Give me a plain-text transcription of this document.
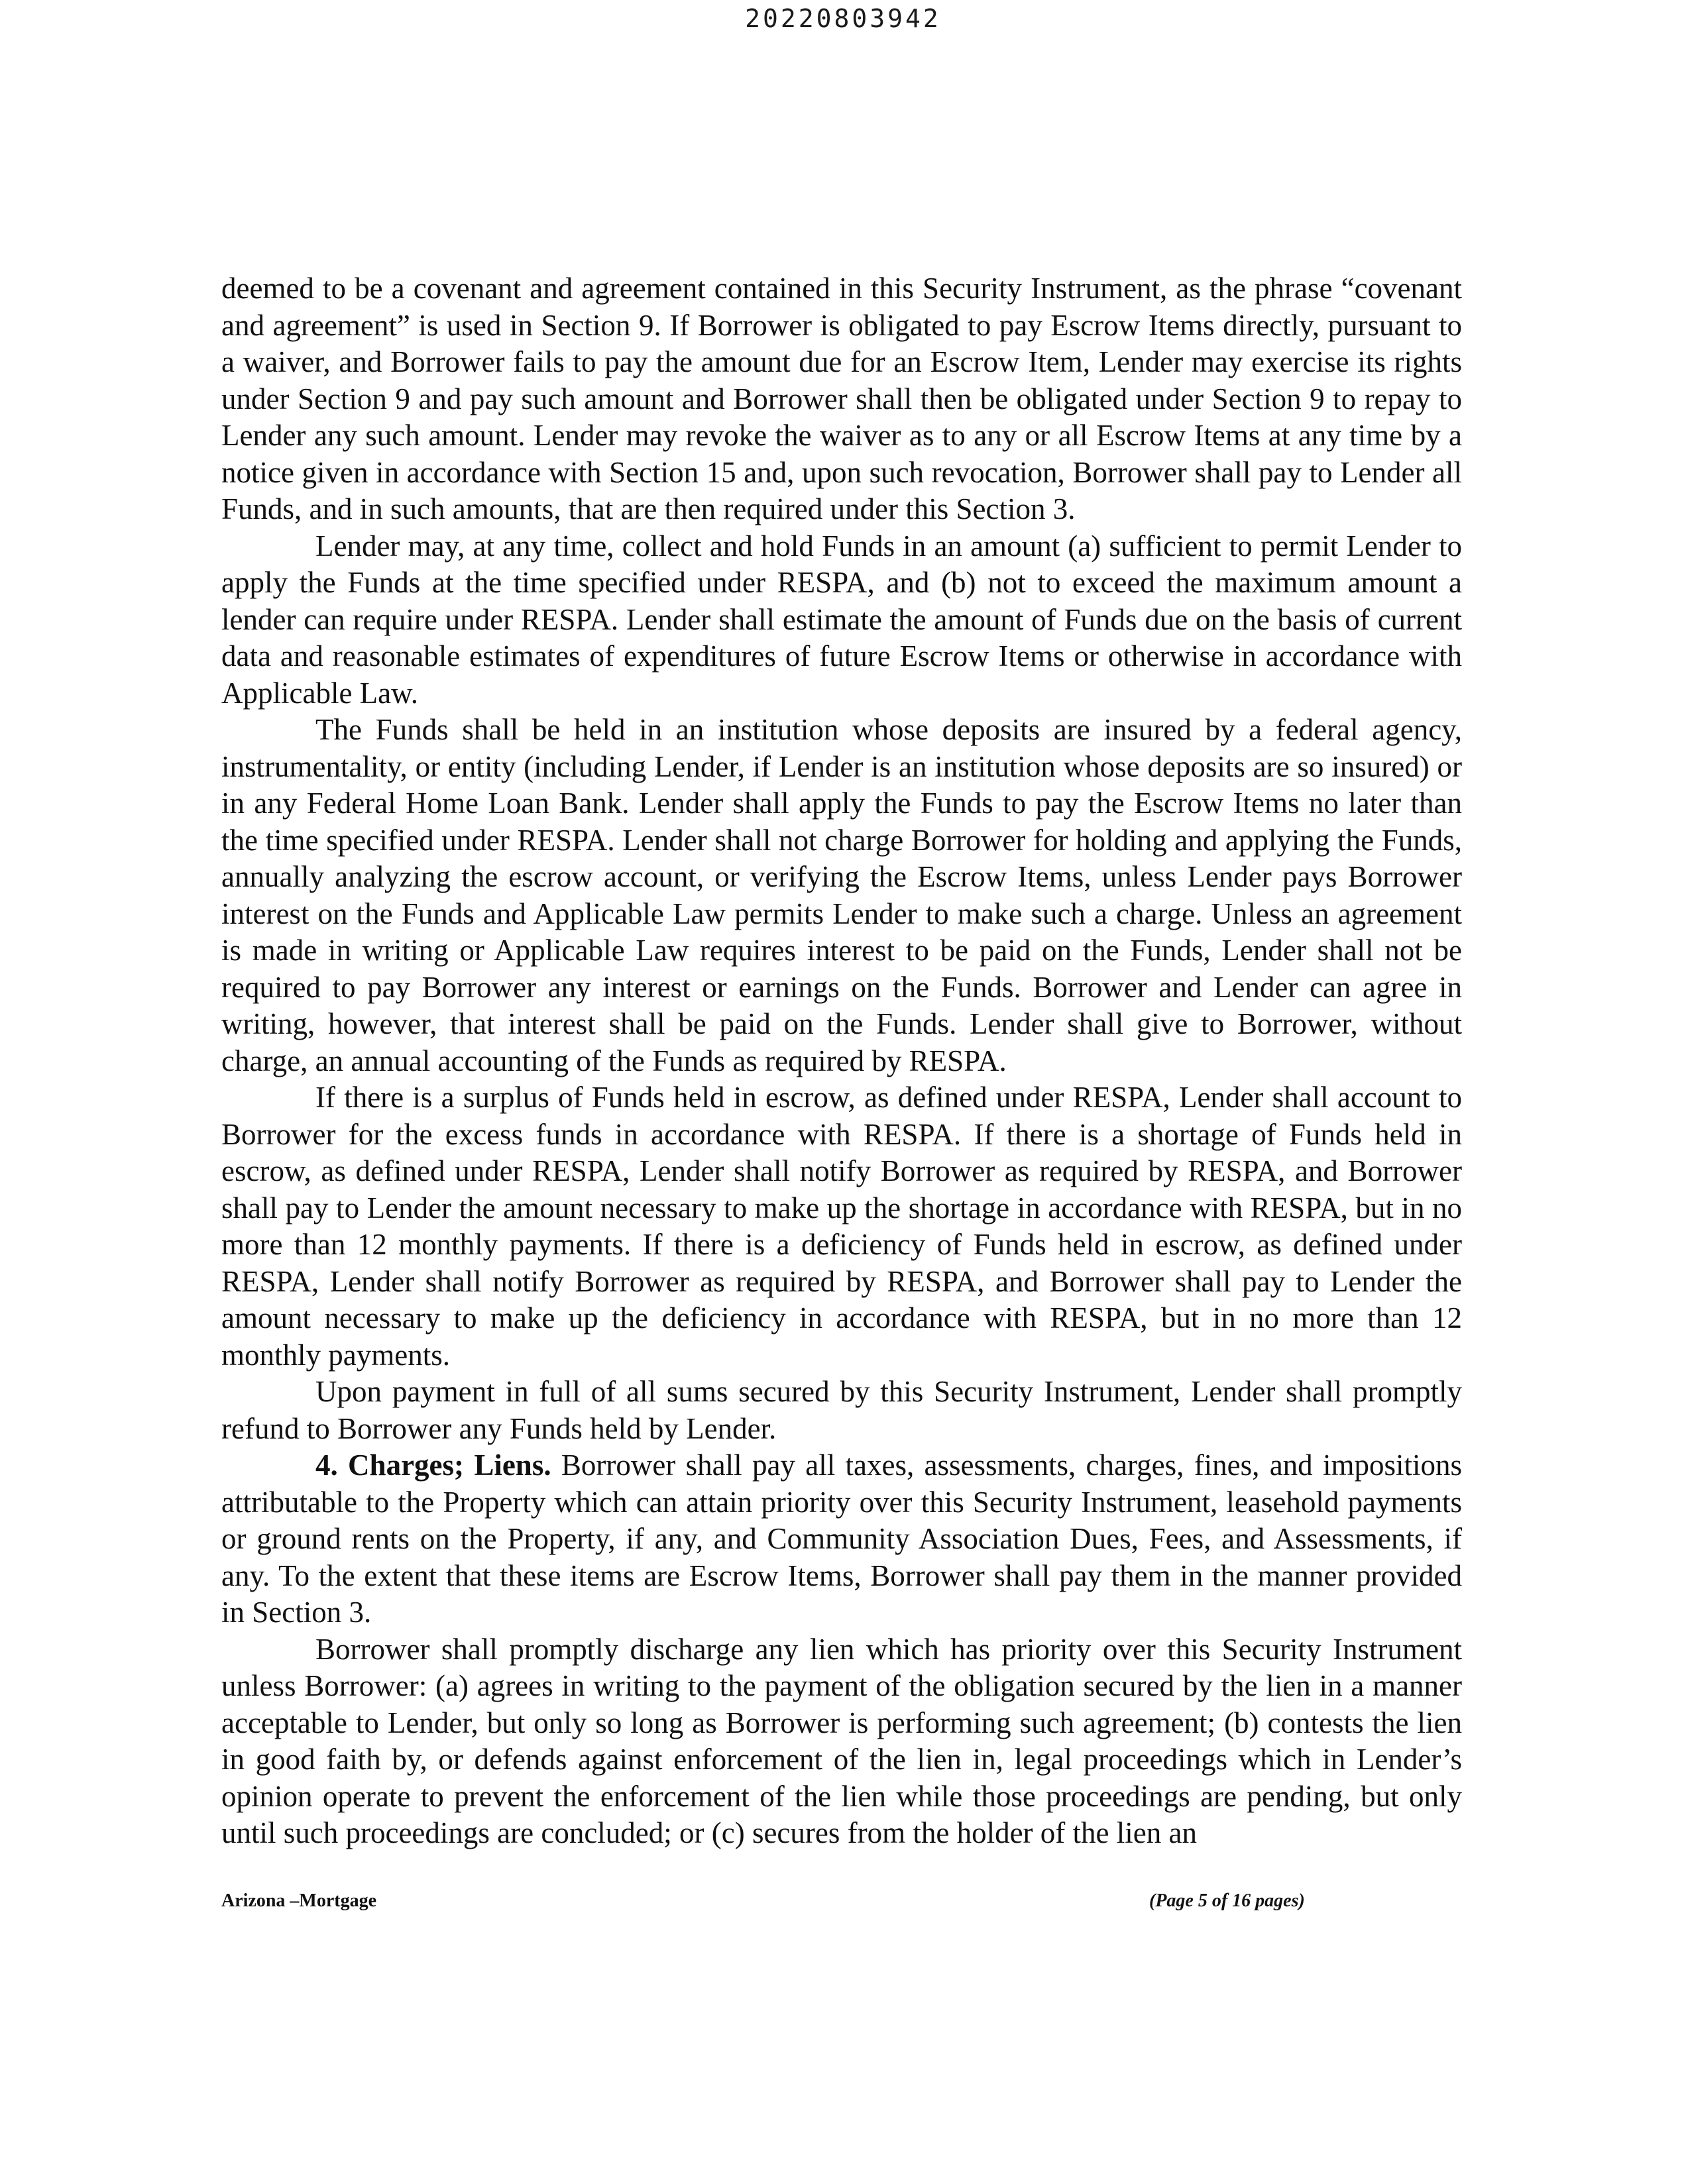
20220803942

deemed to be a covenant and agreement contained in this Security Instrument, as the phrase “covenant and agreement” is used in Section 9. If Borrower is obligated to pay Escrow Items directly, pursuant to a waiver, and Borrower fails to pay the amount due for an Escrow Item, Lender may exercise its rights under Section 9 and pay such amount and Borrower shall then be obligated under Section 9 to repay to Lender any such amount. Lender may revoke the waiver as to any or all Escrow Items at any time by a notice given in accordance with Section 15 and, upon such revocation, Borrower shall pay to Lender all Funds, and in such amounts, that are then required under this Section 3.

Lender may, at any time, collect and hold Funds in an amount (a) sufficient to permit Lender to apply the Funds at the time specified under RESPA, and (b) not to exceed the maximum amount a lender can require under RESPA. Lender shall estimate the amount of Funds due on the basis of current data and reasonable estimates of expenditures of future Escrow Items or otherwise in accordance with Applicable Law.

The Funds shall be held in an institution whose deposits are insured by a federal agency, instrumentality, or entity (including Lender, if Lender is an institution whose deposits are so insured) or in any Federal Home Loan Bank. Lender shall apply the Funds to pay the Escrow Items no later than the time specified under RESPA. Lender shall not charge Borrower for holding and applying the Funds, annually analyzing the escrow account, or verifying the Escrow Items, unless Lender pays Borrower interest on the Funds and Applicable Law permits Lender to make such a charge. Unless an agreement is made in writing or Applicable Law requires interest to be paid on the Funds, Lender shall not be required to pay Borrower any interest or earnings on the Funds. Borrower and Lender can agree in writing, however, that interest shall be paid on the Funds. Lender shall give to Borrower, without charge, an annual accounting of the Funds as required by RESPA.

If there is a surplus of Funds held in escrow, as defined under RESPA, Lender shall account to Borrower for the excess funds in accordance with RESPA. If there is a shortage of Funds held in escrow, as defined under RESPA, Lender shall notify Borrower as required by RESPA, and Borrower shall pay to Lender the amount necessary to make up the shortage in accordance with RESPA, but in no more than 12 monthly payments. If there is a deficiency of Funds held in escrow, as defined under RESPA, Lender shall notify Borrower as required by RESPA, and Borrower shall pay to Lender the amount necessary to make up the deficiency in accordance with RESPA, but in no more than 12 monthly payments.

Upon payment in full of all sums secured by this Security Instrument, Lender shall promptly refund to Borrower any Funds held by Lender.

4. Charges; Liens. Borrower shall pay all taxes, assessments, charges, fines, and impositions attributable to the Property which can attain priority over this Security Instrument, leasehold payments or ground rents on the Property, if any, and Community Association Dues, Fees, and Assessments, if any. To the extent that these items are Escrow Items, Borrower shall pay them in the manner provided in Section 3.

Borrower shall promptly discharge any lien which has priority over this Security Instrument unless Borrower: (a) agrees in writing to the payment of the obligation secured by the lien in a manner acceptable to Lender, but only so long as Borrower is performing such agreement; (b) contests the lien in good faith by, or defends against enforcement of the lien in, legal proceedings which in Lender’s opinion operate to prevent the enforcement of the lien while those proceedings are pending, but only until such proceedings are concluded; or (c) secures from the holder of the lien an

Arizona –Mortgage	(Page 5 of 16 pages)
